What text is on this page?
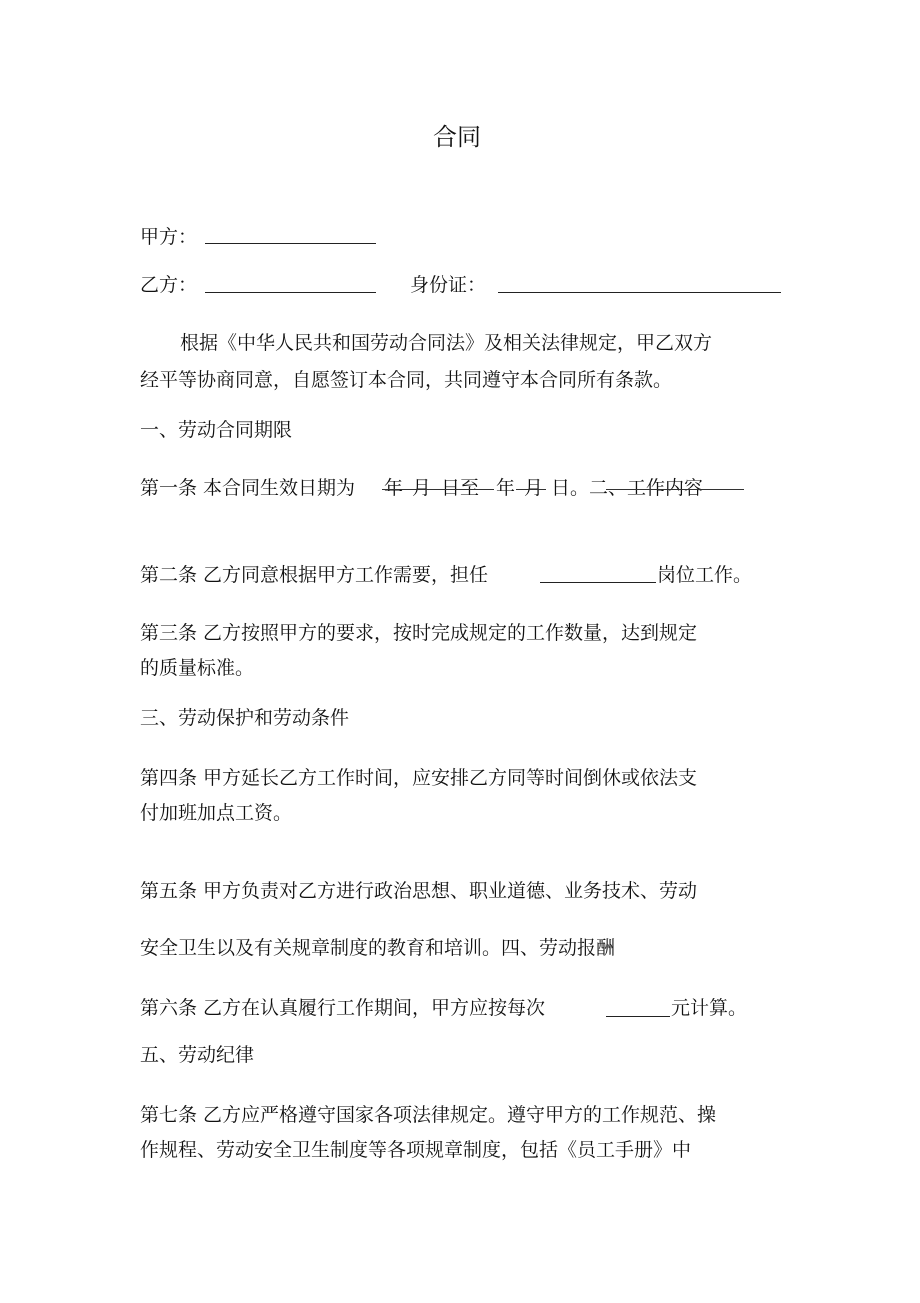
合同
甲方：
乙方：	身份证：
根据《中华人民共和国劳动合同法》及相关法律规定，甲乙双方
经平等协商同意，自愿签订本合同，共同遵守本合同所有条款。
一、劳动合同期限
第一条 本合同生效日期为 年 月 日至 年 月 日。二、工作内容
第二条 乙方同意根据甲方工作需要，担任	岗位工作。
第三条 乙方按照甲方的要求，按时完成规定的工作数量，达到规定
的质量标准。
三、劳动保护和劳动条件
第四条 甲方延长乙方工作时间，应安排乙方同等时间倒休或依法支
付加班加点工资。
第五条 甲方负责对乙方进行政治思想、职业道德、业务技术、劳动
安全卫生以及有关规章制度的教育和培训。四、劳动报酬
第六条 乙方在认真履行工作期间，甲方应按每次	元计算。
五、劳动纪律
第七条 乙方应严格遵守国家各项法律规定。遵守甲方的工作规范、操
作规程、劳动安全卫生制度等各项规章制度，包括《员工手册》中
